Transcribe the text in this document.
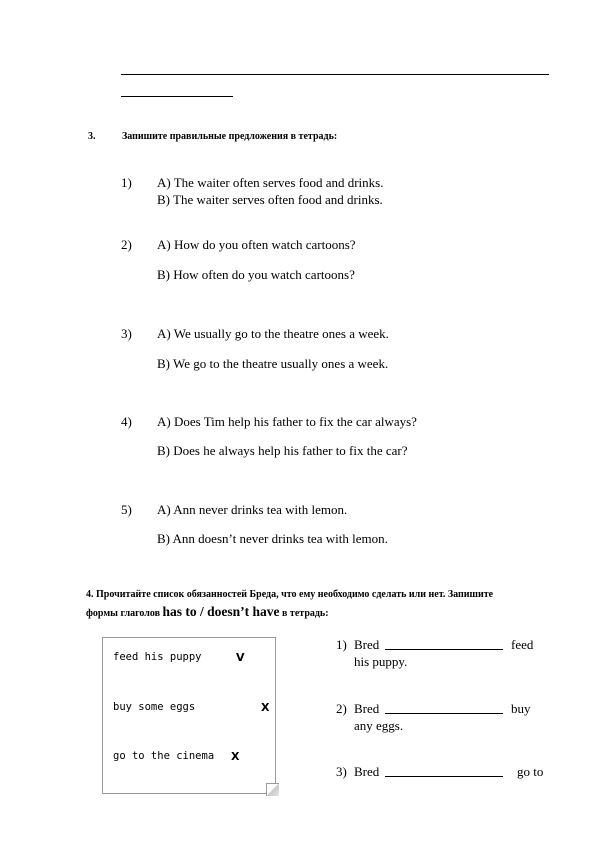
3.	Запишите правильные предложения в тетрадь:
1) A) The waiter often serves food and drinks.
B) The waiter serves often food and drinks.
2) A) How do you often watch cartoons?
B) How often do you watch cartoons?
3) A) We usually go to the theatre ones a week.
B) We go to the theatre usually ones a week.
4) A) Does Tim help his father to fix the car always?
B) Does he always help his father to fix the car?
5) A) Ann never drinks tea with lemon.
B) Ann doesn’t never drinks tea with lemon.
4. Прочитайте список обязанностей Бреда, что ему необходимо сделать или нет. Запишите
формы глаголов has to / doesn’t have в тетрадь:
feed his puppy	V
buy some eggs	X
go to the cinema X
1) Bred	feed
his puppy.
2) Bred	buy
any eggs.
3) Bred	go to
